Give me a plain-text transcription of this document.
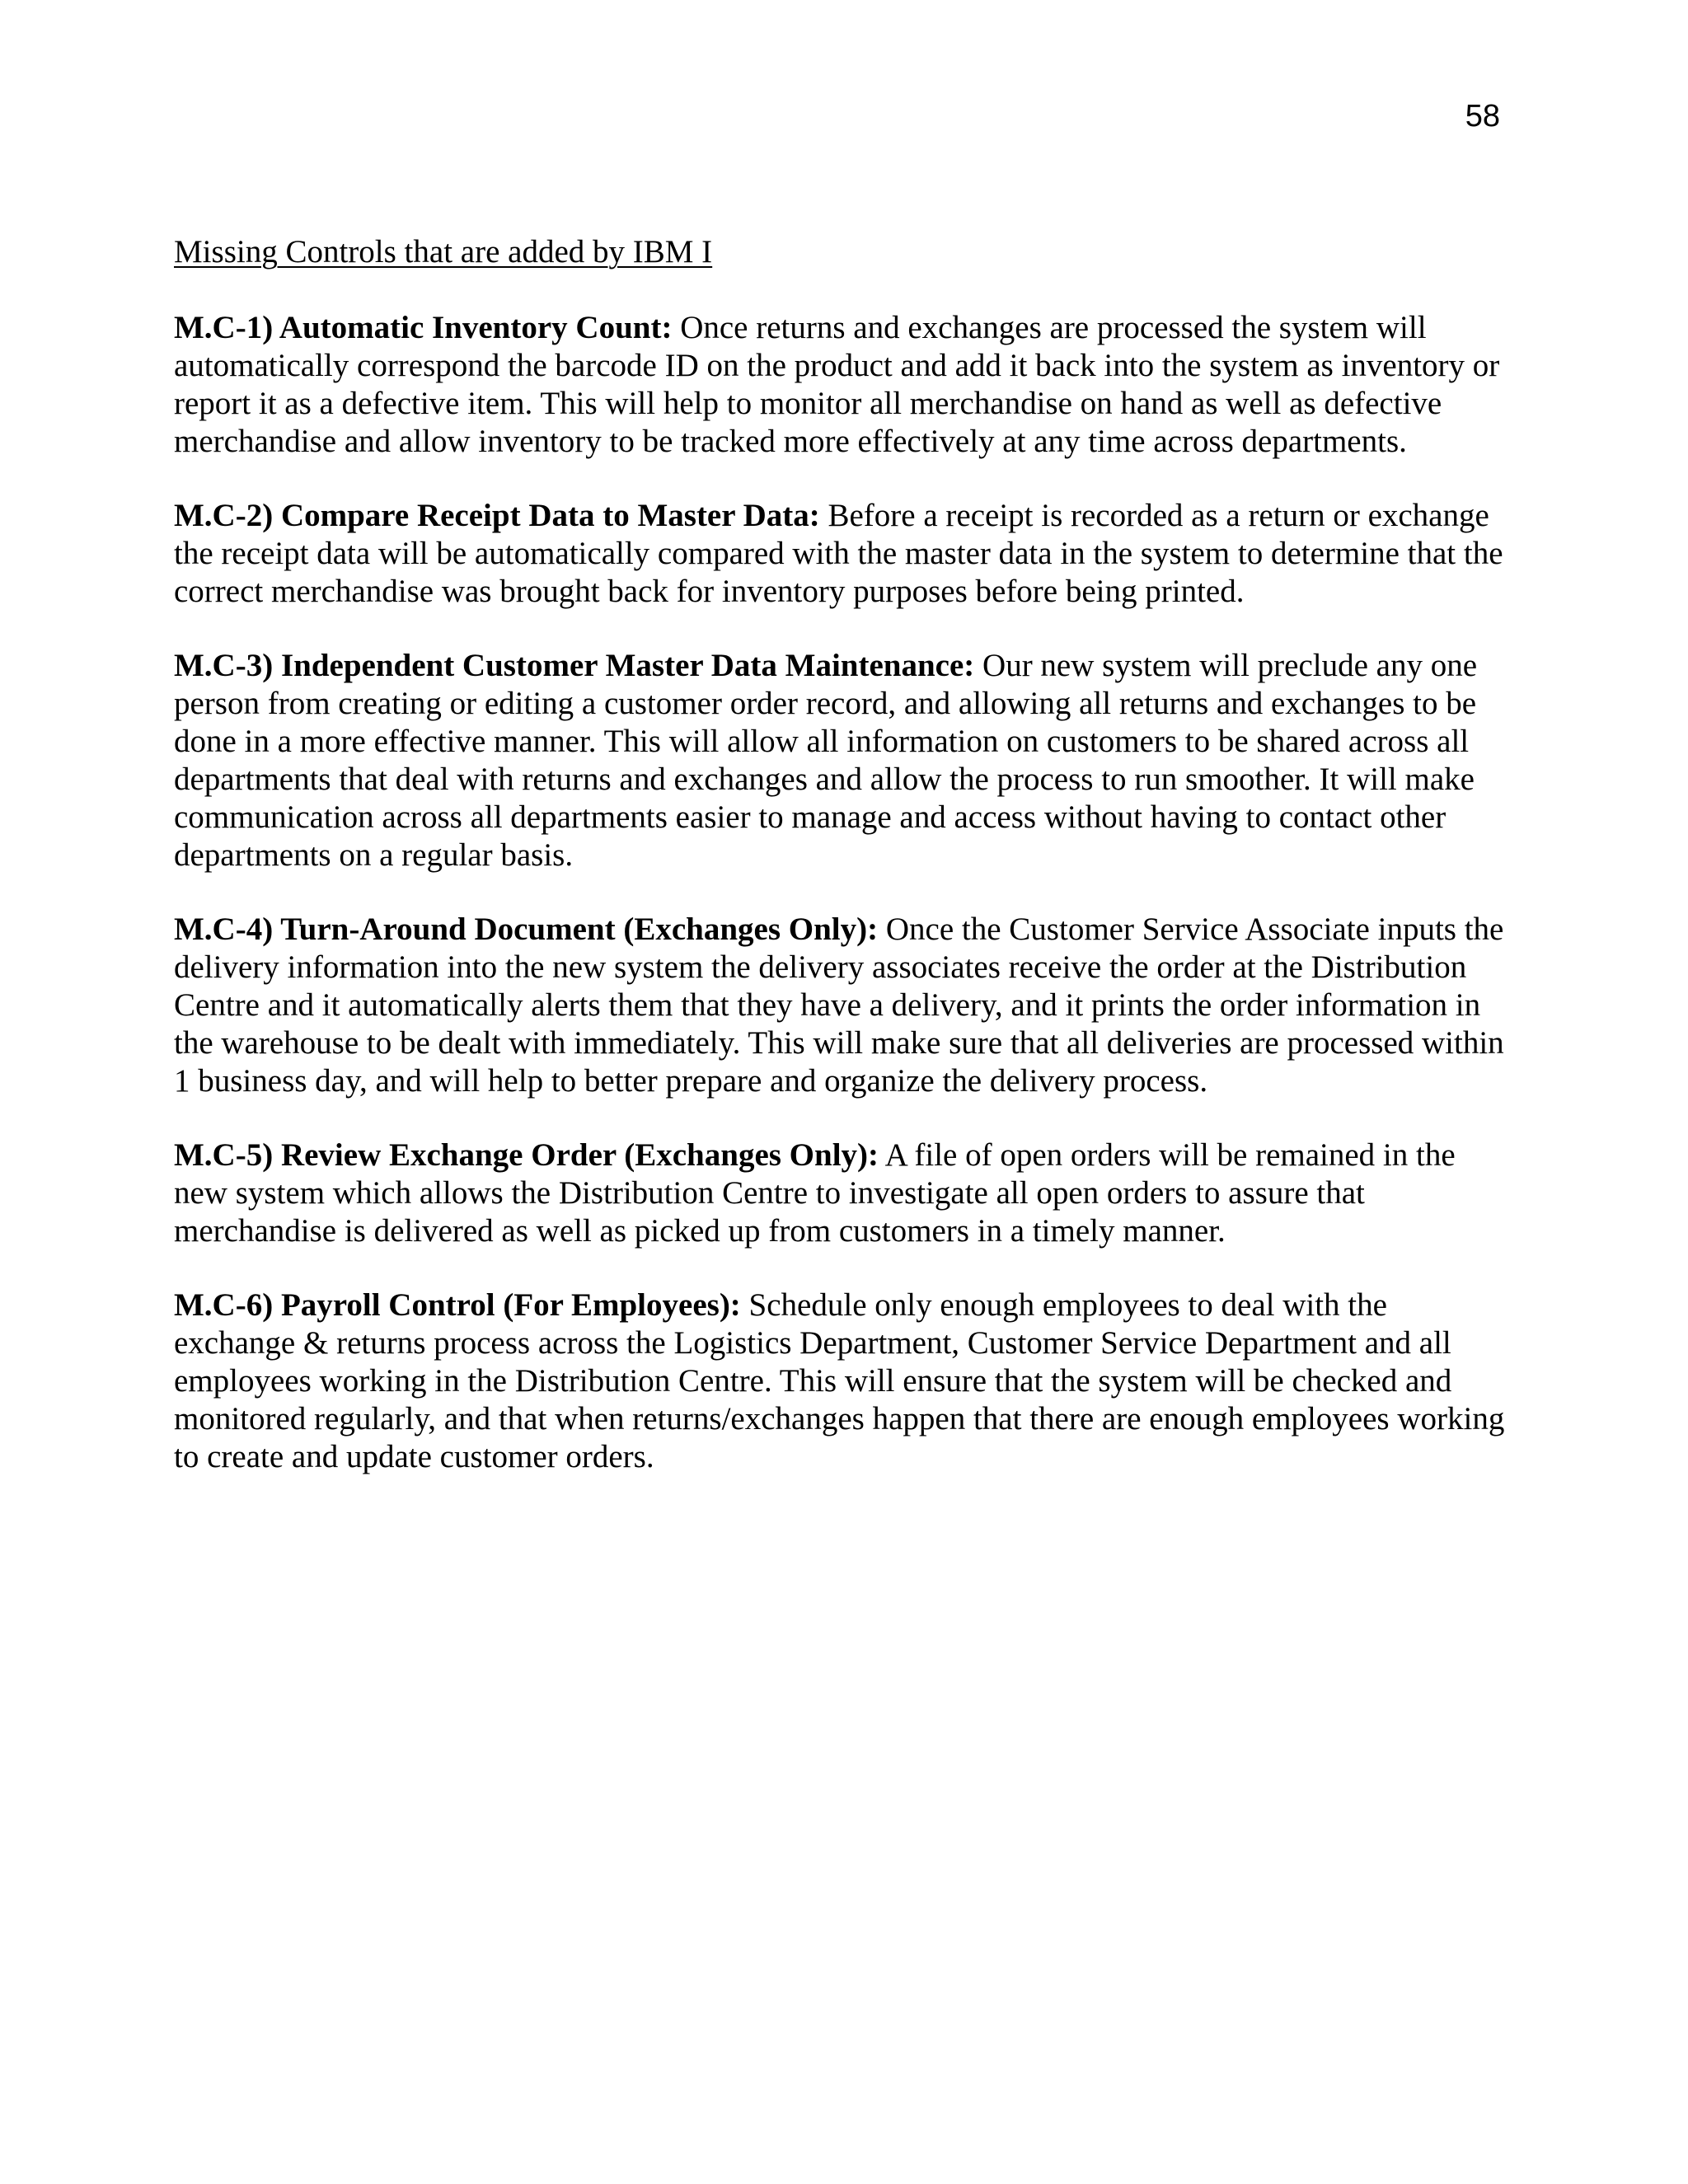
58

Missing Controls that are added by IBM I

M.C-1) Automatic Inventory Count: Once returns and exchanges are processed the system will automatically correspond the barcode ID on the product and add it back into the system as inventory or report it as a defective item. This will help to monitor all merchandise on hand as well as defective merchandise and allow inventory to be tracked more effectively at any time across departments.

M.C-2) Compare Receipt Data to Master Data: Before a receipt is recorded as a return or exchange the receipt data will be automatically compared with the master data in the system to determine that the correct merchandise was brought back for inventory purposes before being printed.

M.C-3) Independent Customer Master Data Maintenance: Our new system will preclude any one person from creating or editing a customer order record, and allowing all returns and exchanges to be done in a more effective manner. This will allow all information on customers to be shared across all departments that deal with returns and exchanges and allow the process to run smoother. It will make communication across all departments easier to manage and access without having to contact other departments on a regular basis.

M.C-4) Turn-Around Document (Exchanges Only): Once the Customer Service Associate inputs the delivery information into the new system the delivery associates receive the order at the Distribution Centre and it automatically alerts them that they have a delivery, and it prints the order information in the warehouse to be dealt with immediately. This will make sure that all deliveries are processed within 1 business day, and will help to better prepare and organize the delivery process.

M.C-5) Review Exchange Order (Exchanges Only): A file of open orders will be remained in the new system which allows the Distribution Centre to investigate all open orders to assure that merchandise is delivered as well as picked up from customers in a timely manner.

M.C-6) Payroll Control (For Employees): Schedule only enough employees to deal with the exchange & returns process across the Logistics Department, Customer Service Department and all employees working in the Distribution Centre. This will ensure that the system will be checked and monitored regularly, and that when returns/exchanges happen that there are enough employees working to create and update customer orders.
